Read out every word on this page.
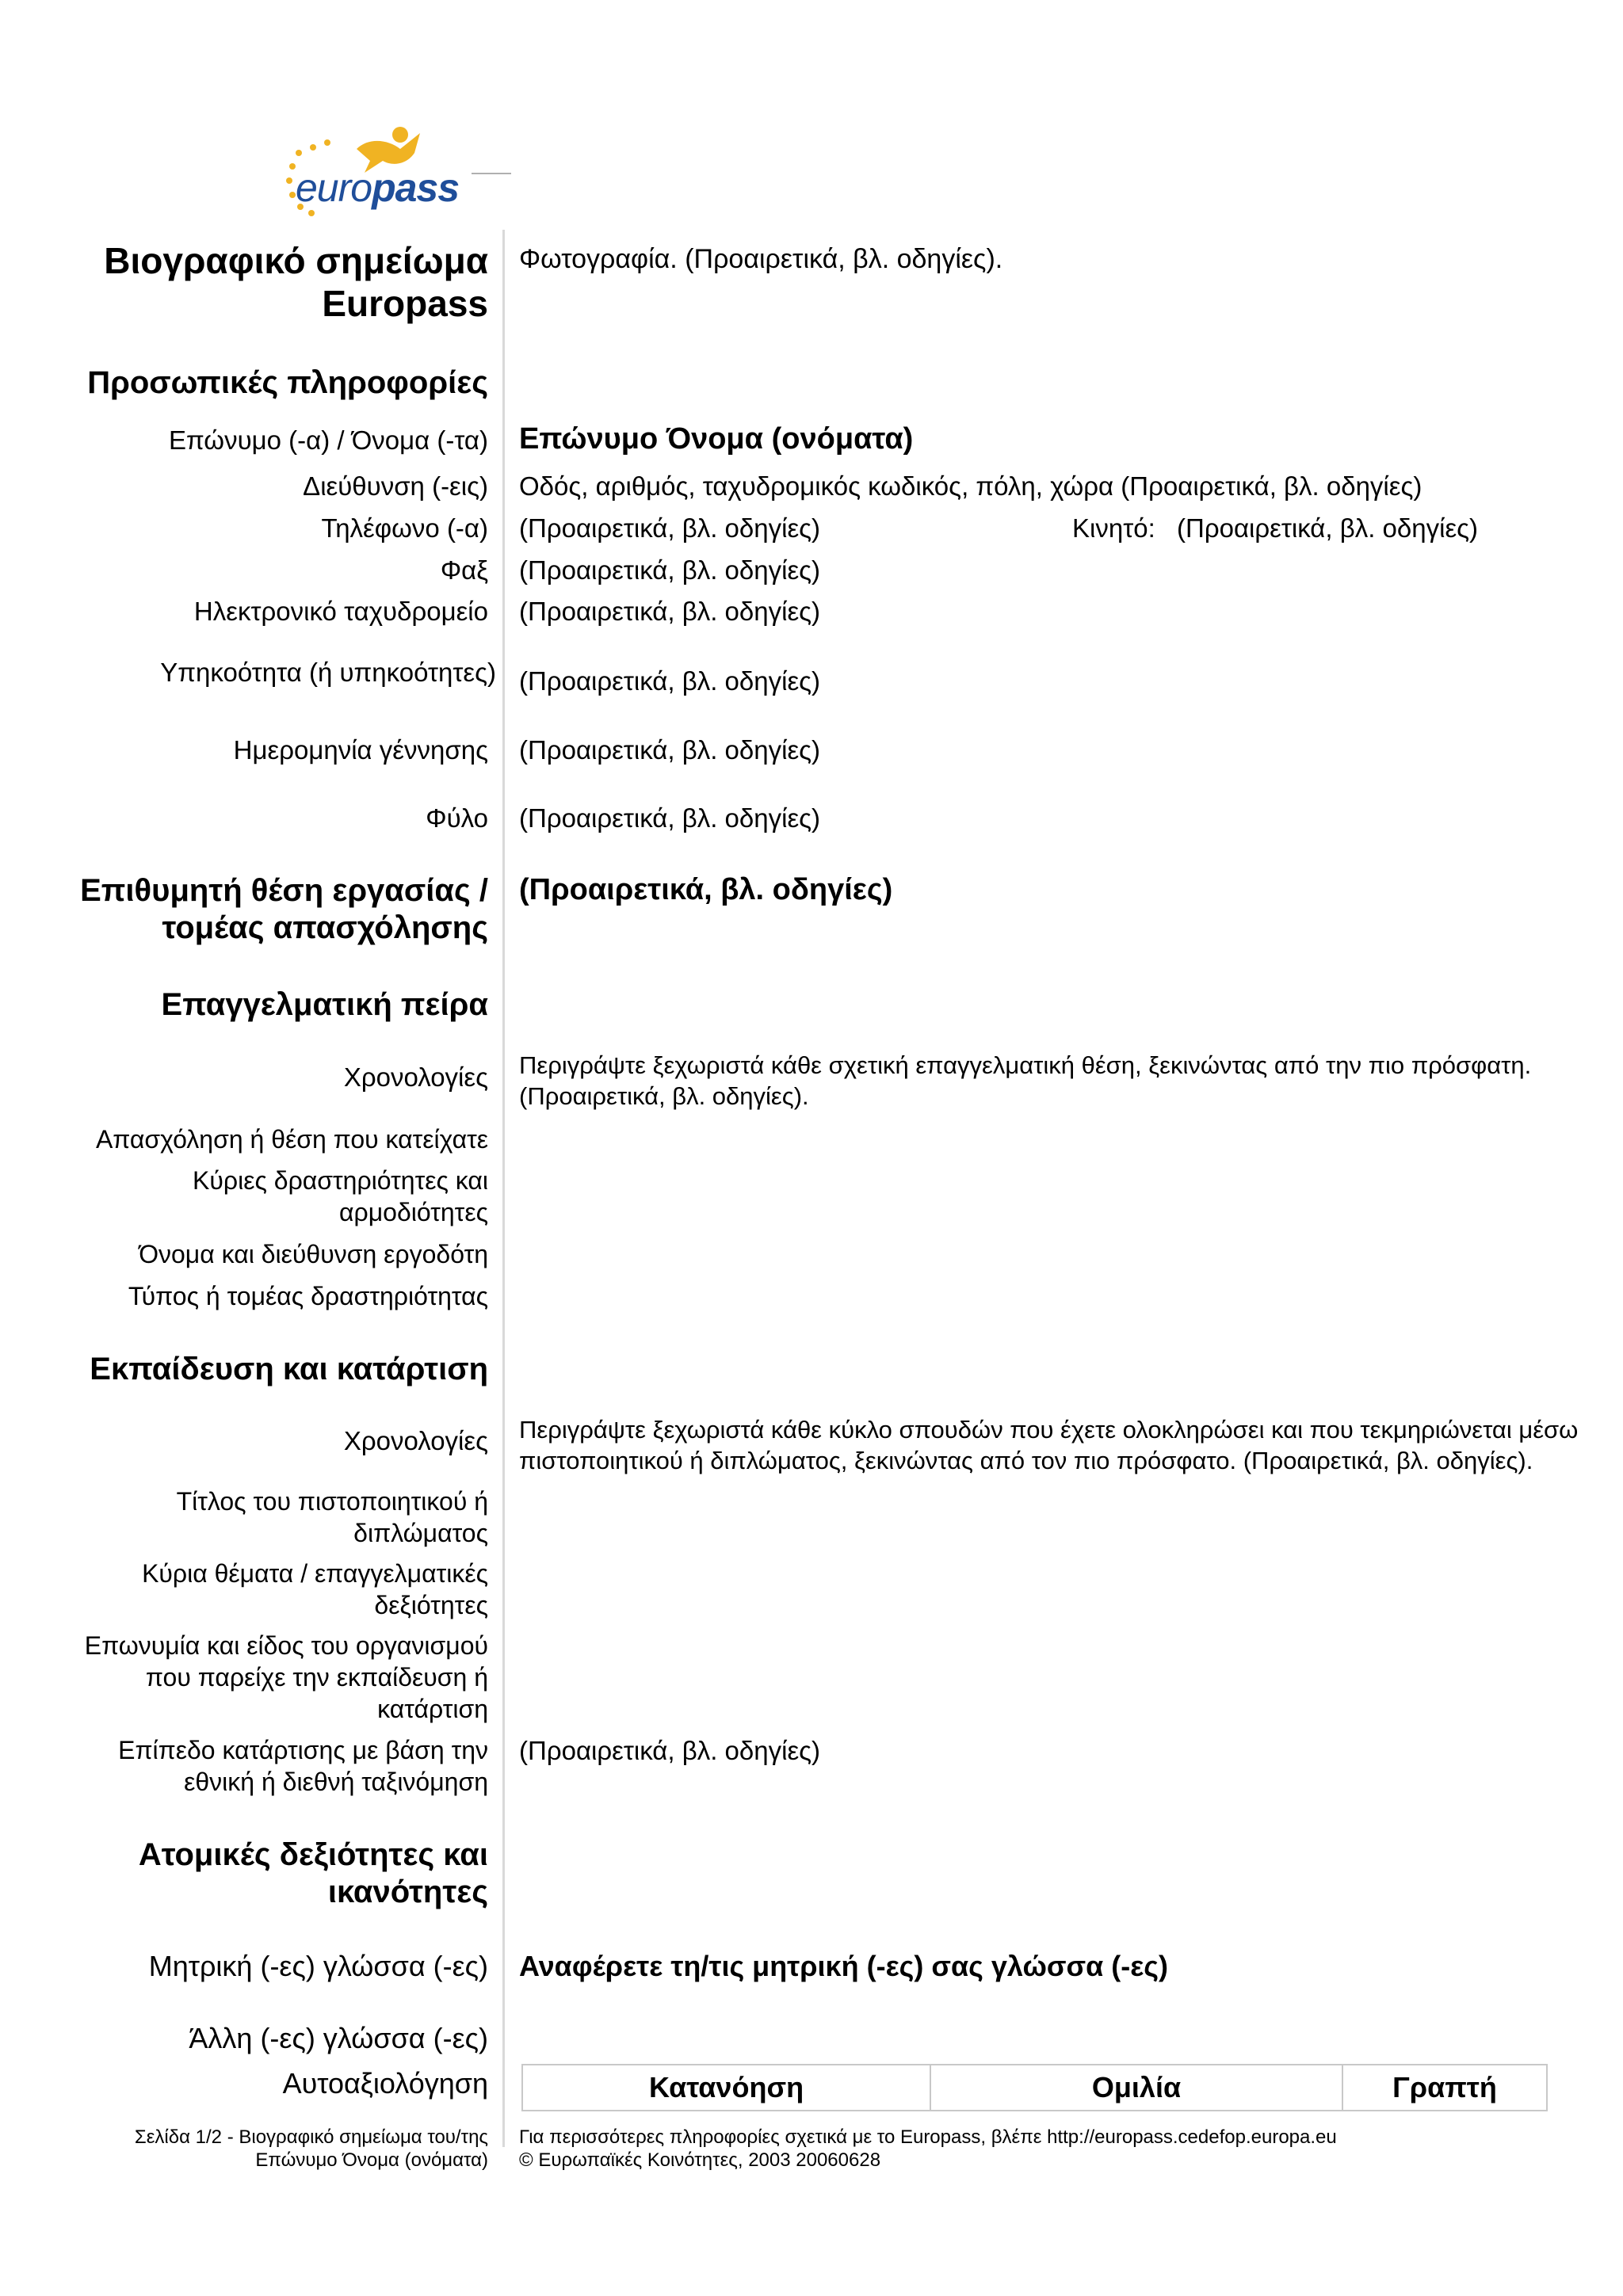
europass
Βιογραφικό σημείωμα
Europass
Φωτογραφία. (Προαιρετικά, βλ. οδηγίες).
Προσωπικές πληροφορίες
Επώνυμο (-α) / Όνομα (-τα) Επώνυμο Όνομα (ονόματα)
Διεύθυνση (-εις) Οδός, αριθμός, ταχυδρομικός κωδικός, πόλη, χώρα (Προαιρετικά, βλ. οδηγίες)
Τηλέφωνο (-α) (Προαιρετικά, βλ. οδηγίες)	Κινητό: (Προαιρετικά, βλ. οδηγίες)
Φαξ (Προαιρετικά, βλ. οδηγίες)
Ηλεκτρονικό ταχυδρομείο (Προαιρετικά, βλ. οδηγίες)
Υπηκοότητα (ή υπηκοότητες) (Προαιρετικά, βλ. οδηγίες)
Ημερομηνία γέννησης (Προαιρετικά, βλ. οδηγίες)
Φύλο (Προαιρετικά, βλ. οδηγίες)
Επιθυμητή θέση εργασίας /
τομέας απασχόλησης
(Προαιρετικά, βλ. οδηγίες)
Επαγγελματική πείρα
Χρονολογίες Περιγράψτε ξεχωριστά κάθε σχετική επαγγελματική θέση, ξεκινώντας από την πιο πρόσφατη.
(Προαιρετικά, βλ. οδηγίες).
Απασχόληση ή θέση που κατείχατε
Κύριες δραστηριότητες και
αρμοδιότητες
Όνομα και διεύθυνση εργοδότη
Τύπος ή τομέας δραστηριότητας
Εκπαίδευση και κατάρτιση
Χρονολογίες Περιγράψτε ξεχωριστά κάθε κύκλο σπουδών που έχετε ολοκληρώσει και που τεκμηριώνεται μέσω
πιστοποιητικού ή διπλώματος, ξεκινώντας από τον πιο πρόσφατο. (Προαιρετικά, βλ. οδηγίες).
Τίτλος του πιστοποιητικού ή
διπλώματος
Κύρια θέματα / επαγγελματικές
δεξιότητες
Επωνυμία και είδος του οργανισμού
που παρείχε την εκπαίδευση ή
κατάρτιση
Επίπεδο κατάρτισης με βάση την
εθνική ή διεθνή ταξινόμηση
(Προαιρετικά, βλ. οδηγίες)
Ατομικές δεξιότητες και
ικανότητες
Μητρική (-ες) γλώσσα (-ες) Αναφέρετε τη/τις μητρική (-ες) σας γλώσσα (-ες)
Άλλη (-ες) γλώσσα (-ες)
Αυτοαξιολόγηση	Κατανόηση	Ομιλία	Γραπτή
Σελίδα 1/2 - Βιογραφικό σημείωμα του/της
Επώνυμο Όνομα (ονόματα)
Για περισσότερες πληροφορίες σχετικά με το Europass, βλέπε http://europass.cedefop.europa.eu
© Ευρωπαϊκές Κοινότητες, 2003 20060628
